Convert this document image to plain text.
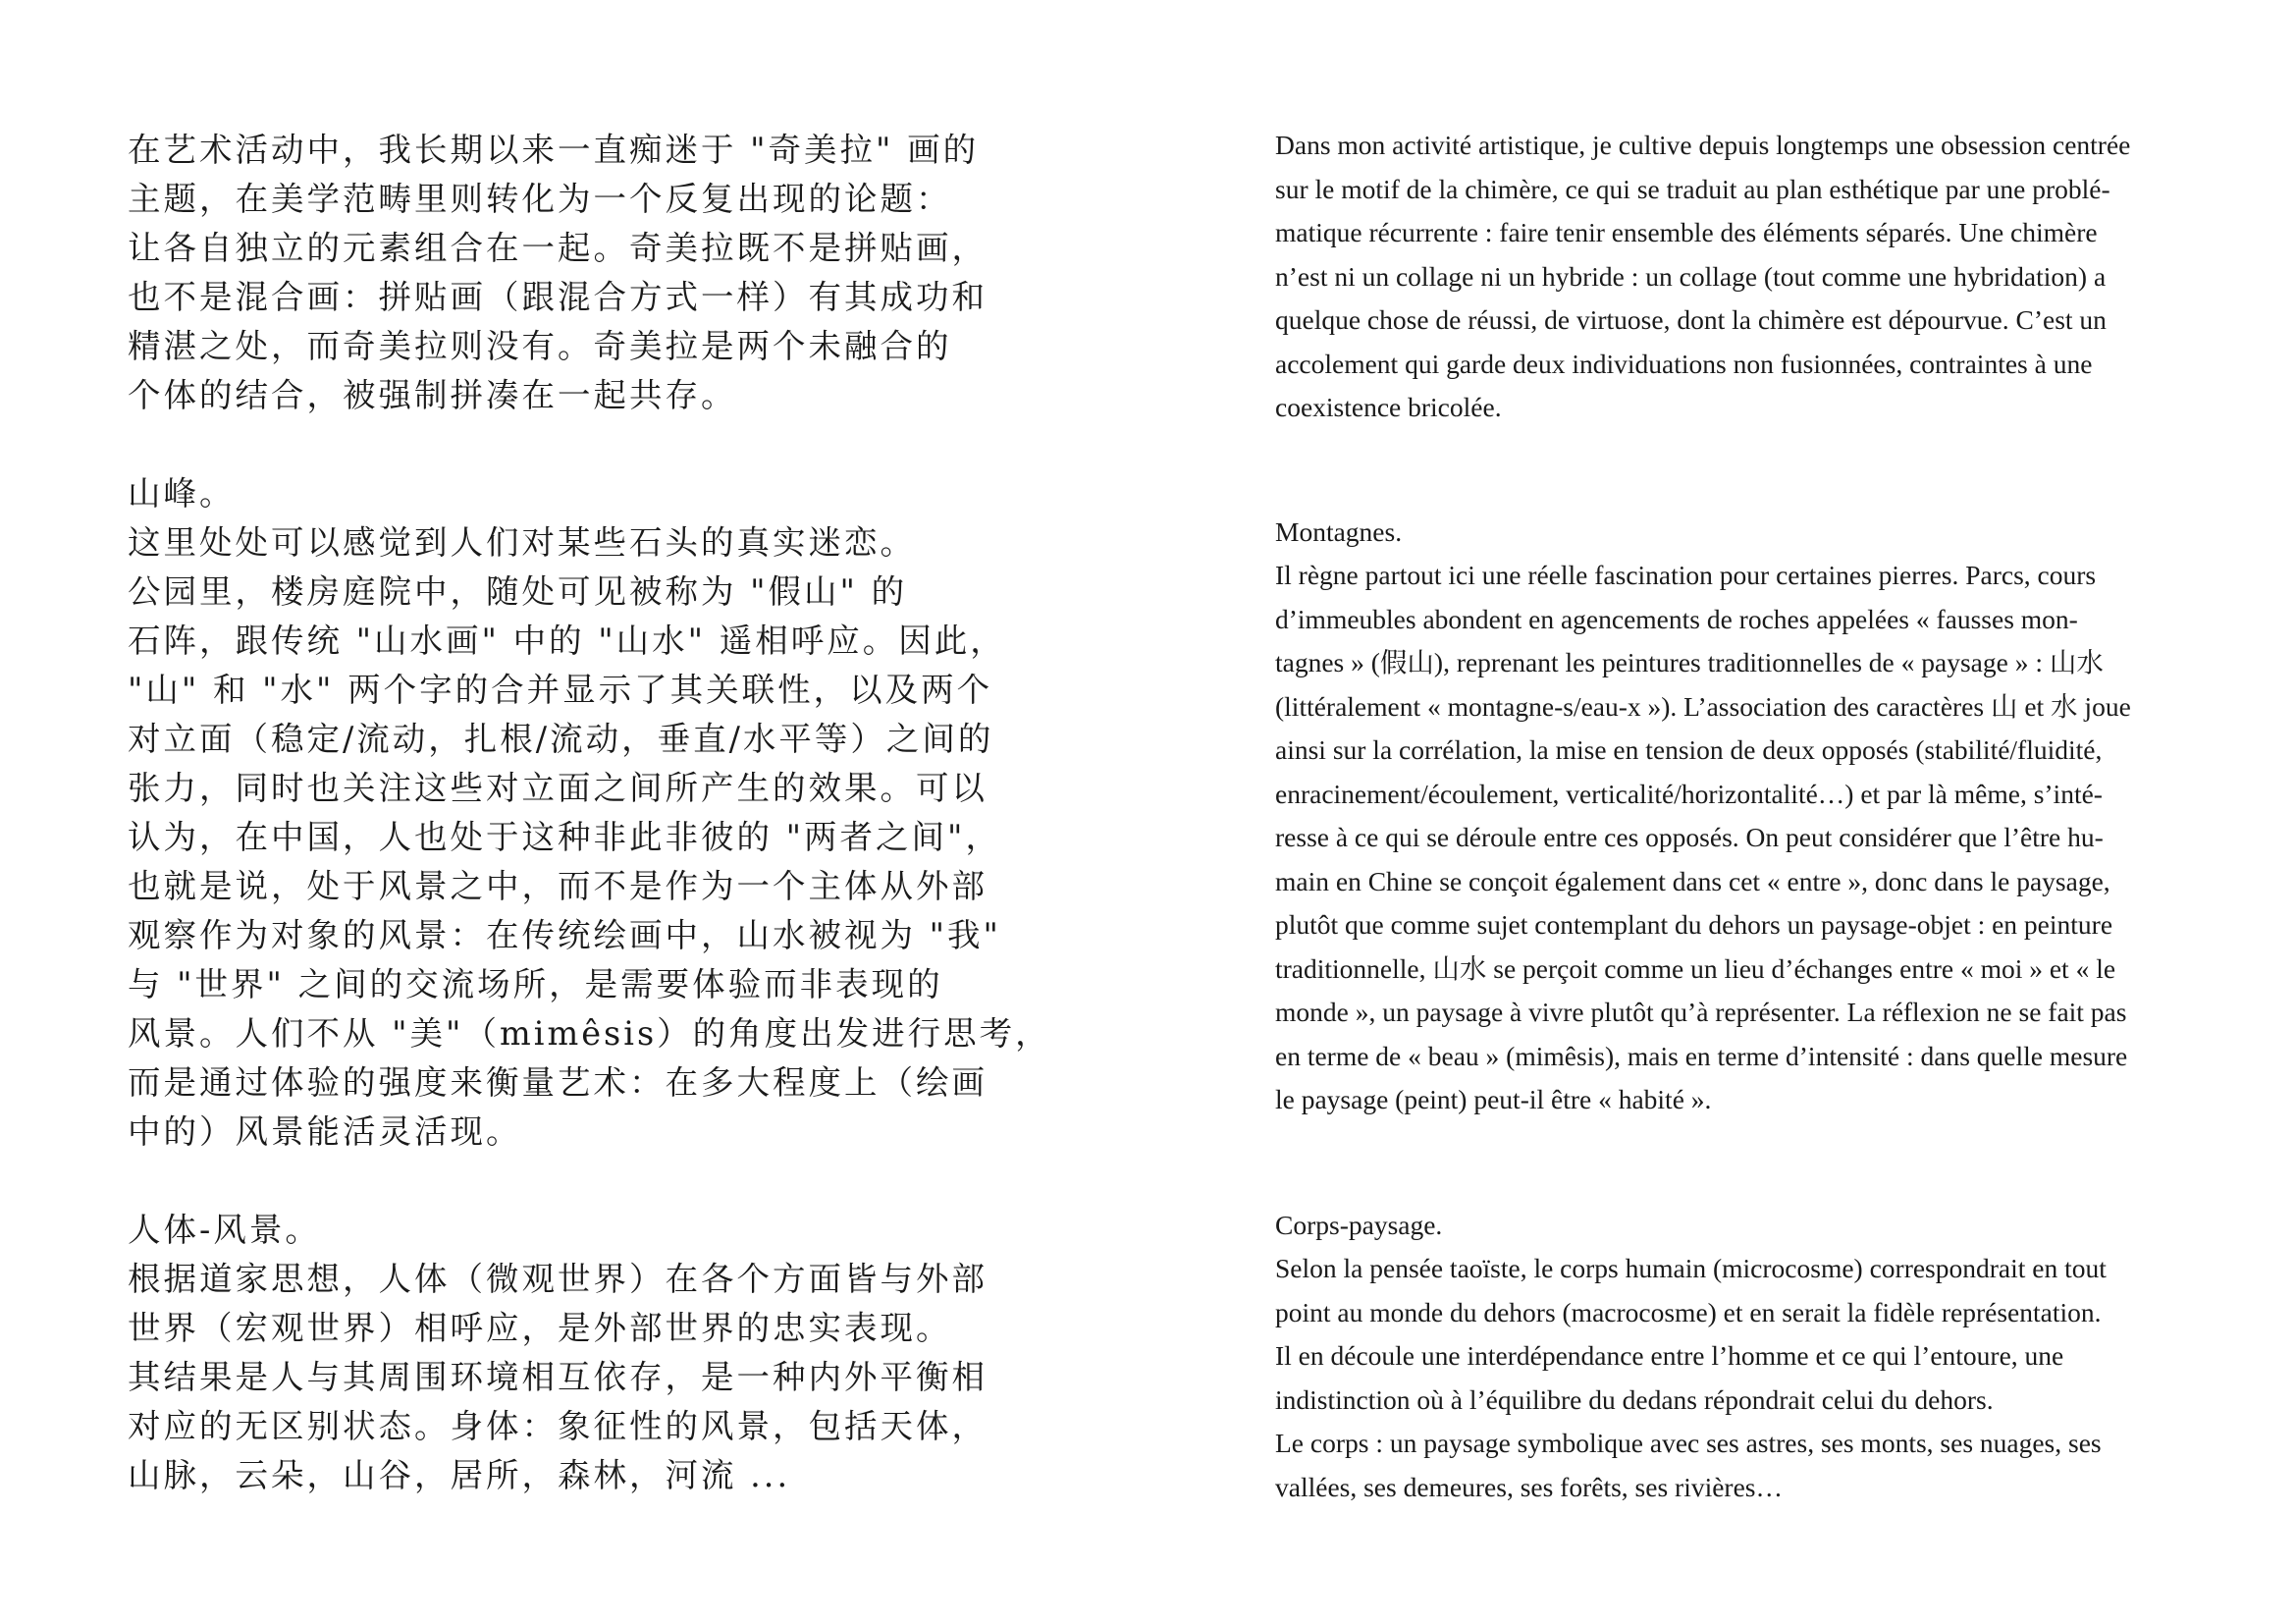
在艺术活动中，我长期以来一直痴迷于 "奇美拉" 画的
主题，在美学范畴里则转化为一个反复出现的论题：
让各自独立的元素组合在一起。奇美拉既不是拼贴画，
也不是混合画：拼贴画（跟混合方式一样）有其成功和
精湛之处，而奇美拉则没有。奇美拉是两个未融合的
个体的结合，被强制拼凑在一起共存。
山峰。
这里处处可以感觉到人们对某些石头的真实迷恋。
公园里，楼房庭院中，随处可见被称为 "假山" 的
石阵，跟传统 "山水画" 中的 "山水" 遥相呼应。因此，
"山" 和 "水" 两个字的合并显示了其关联性，以及两个
对立面（稳定/流动，扎根/流动，垂直/水平等）之间的
张力，同时也关注这些对立面之间所产生的效果。可以
认为，在中国，人也处于这种非此非彼的 "两者之间"，
也就是说，处于风景之中，而不是作为一个主体从外部
观察作为对象的风景：在传统绘画中，山水被视为 "我"
与 "世界" 之间的交流场所，是需要体验而非表现的
风景。人们不从 "美"（mimêsis）的角度出发进行思考，
而是通过体验的强度来衡量艺术：在多大程度上（绘画
中的）风景能活灵活现。
人体-风景。
根据道家思想，人体（微观世界）在各个方面皆与外部
世界（宏观世界）相呼应，是外部世界的忠实表现。
其结果是人与其周围环境相互依存，是一种内外平衡相
对应的无区别状态。身体：象征性的风景，包括天体，
山脉，云朵，山谷，居所，森林，河流 ...
Dans mon activité artistique, je cultive depuis longtemps une obsession centrée
sur le motif de la chimère, ce qui se traduit au plan esthétique par une problé-
matique récurrente : faire tenir ensemble des éléments séparés. Une chimère
n’est ni un collage ni un hybride : un collage (tout comme une hybridation) a
quelque chose de réussi, de virtuose, dont la chimère est dépourvue. C’est un
accolement qui garde deux individuations non fusionnées, contraintes à une
coexistence bricolée.
Montagnes.
Il règne partout ici une réelle fascination pour certaines pierres. Parcs, cours
d’immeubles abondent en agencements de roches appelées « fausses mon-
tagnes » (假山), reprenant les peintures traditionnelles de « paysage » : 山水
(littéralement « montagne-s/eau-x »). L’association des caractères 山 et 水 joue
ainsi sur la corrélation, la mise en tension de deux opposés (stabilité/fluidité,
enracinement/écoulement, verticalité/horizontalité…) et par là même, s’inté-
resse à ce qui se déroule entre ces opposés. On peut considérer que l’être hu-
main en Chine se conçoit également dans cet « entre », donc dans le paysage,
plutôt que comme sujet contemplant du dehors un paysage-objet : en peinture
traditionnelle, 山水 se perçoit comme un lieu d’échanges entre « moi » et « le
monde », un paysage à vivre plutôt qu’à représenter. La réflexion ne se fait pas
en terme de « beau » (mimêsis), mais en terme d’intensité : dans quelle mesure
le paysage (peint) peut-il être « habité ».
Corps-paysage.
Selon la pensée taoïste, le corps humain (microcosme) correspondrait en tout
point au monde du dehors (macrocosme) et en serait la fidèle représentation.
Il en découle une interdépendance entre l’homme et ce qui l’entoure, une
indistinction où à l’équilibre du dedans répondrait celui du dehors.
Le corps : un paysage symbolique avec ses astres, ses monts, ses nuages, ses
vallées, ses demeures, ses forêts, ses rivières…
